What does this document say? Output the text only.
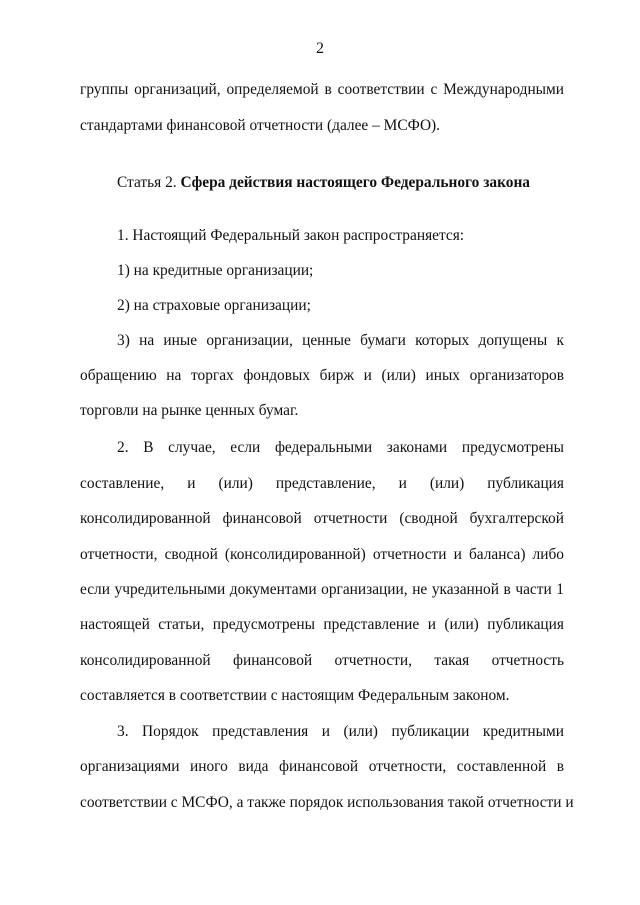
2
группы организаций, определяемой в соответствии с Международными
стандартами финансовой отчетности (далее – МСФО).
Статья 2. Сфера действия настоящего Федерального закона
1. Настоящий Федеральный закон распространяется:
1) на кредитные организации;
2) на страховые организации;
3) на иные организации, ценные бумаги которых допущены к
обращению на торгах фондовых бирж и (или) иных организаторов
торговли на рынке ценных бумаг.
2. В случае, если федеральными законами предусмотрены
составление, и (или) представление, и (или) публикация
консолидированной финансовой отчетности (сводной бухгалтерской
отчетности, сводной (консолидированной) отчетности и баланса) либо
если учредительными документами организации, не указанной в части 1
настоящей статьи, предусмотрены представление и (или) публикация
консолидированной финансовой отчетности, такая отчетность
составляется в соответствии с настоящим Федеральным законом.
3. Порядок представления и (или) публикации кредитными
организациями иного вида финансовой отчетности, составленной в
соответствии с МСФО, а также порядок использования такой отчетности и
